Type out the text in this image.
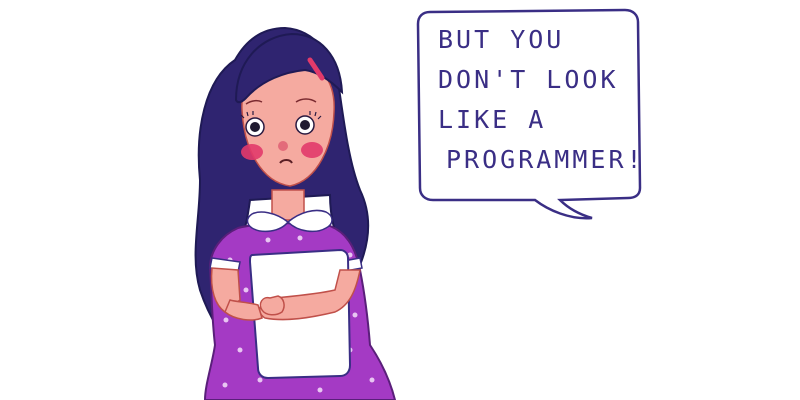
BUT YOU
DON'T LOOK
LIKE A
PROGRAMMER!
